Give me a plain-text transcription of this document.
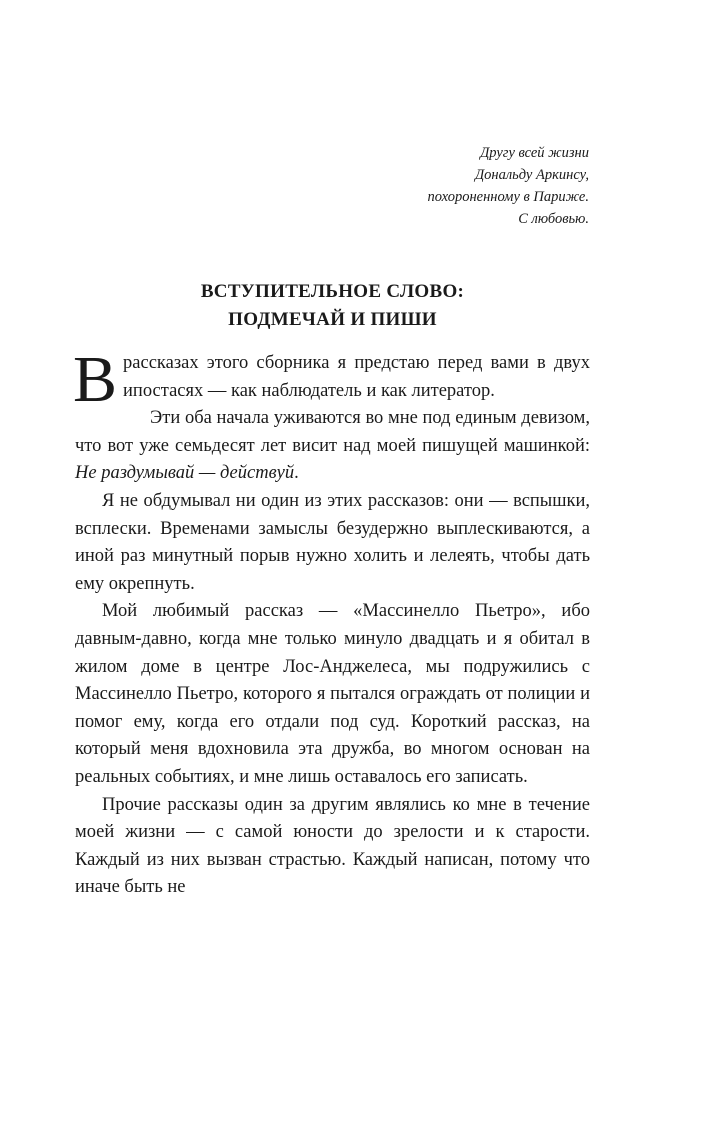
Другу всей жизни
Дональду Аркинсу,
похороненному в Париже.
С любовью.
ВСТУПИТЕЛЬНОЕ СЛОВО:
ПОДМЕЧАЙ И ПИШИ

В рассказах этого сборника я предстаю перед вами в двух ипостасях — как наблюдатель и как литератор.

Эти оба начала уживаются во мне под единым девизом, что вот уже семьдесят лет висит над моей пишущей машинкой: Не раздумывай — действуй.

Я не обдумывал ни один из этих рассказов: они — вспышки, всплески. Временами замыслы безудержно выплескиваются, а иной раз минутный порыв нужно холить и лелеять, чтобы дать ему окрепнуть.

Мой любимый рассказ — «Массинелло Пьетро», ибо давным-давно, когда мне только минуло двадцать и я обитал в жилом доме в центре Лос-Анджелеса, мы подружились с Массинелло Пьетро, которого я пытался ограждать от полиции и помог ему, когда его отдали под суд. Короткий рассказ, на который меня вдохновила эта дружба, во многом основан на реальных событиях, и мне лишь оставалось его записать.

Прочие рассказы один за другим являлись ко мне в течение моей жизни — с самой юности до зрелости и к старости. Каждый из них вызван страстью. Каждый написан, потому что иначе быть не
